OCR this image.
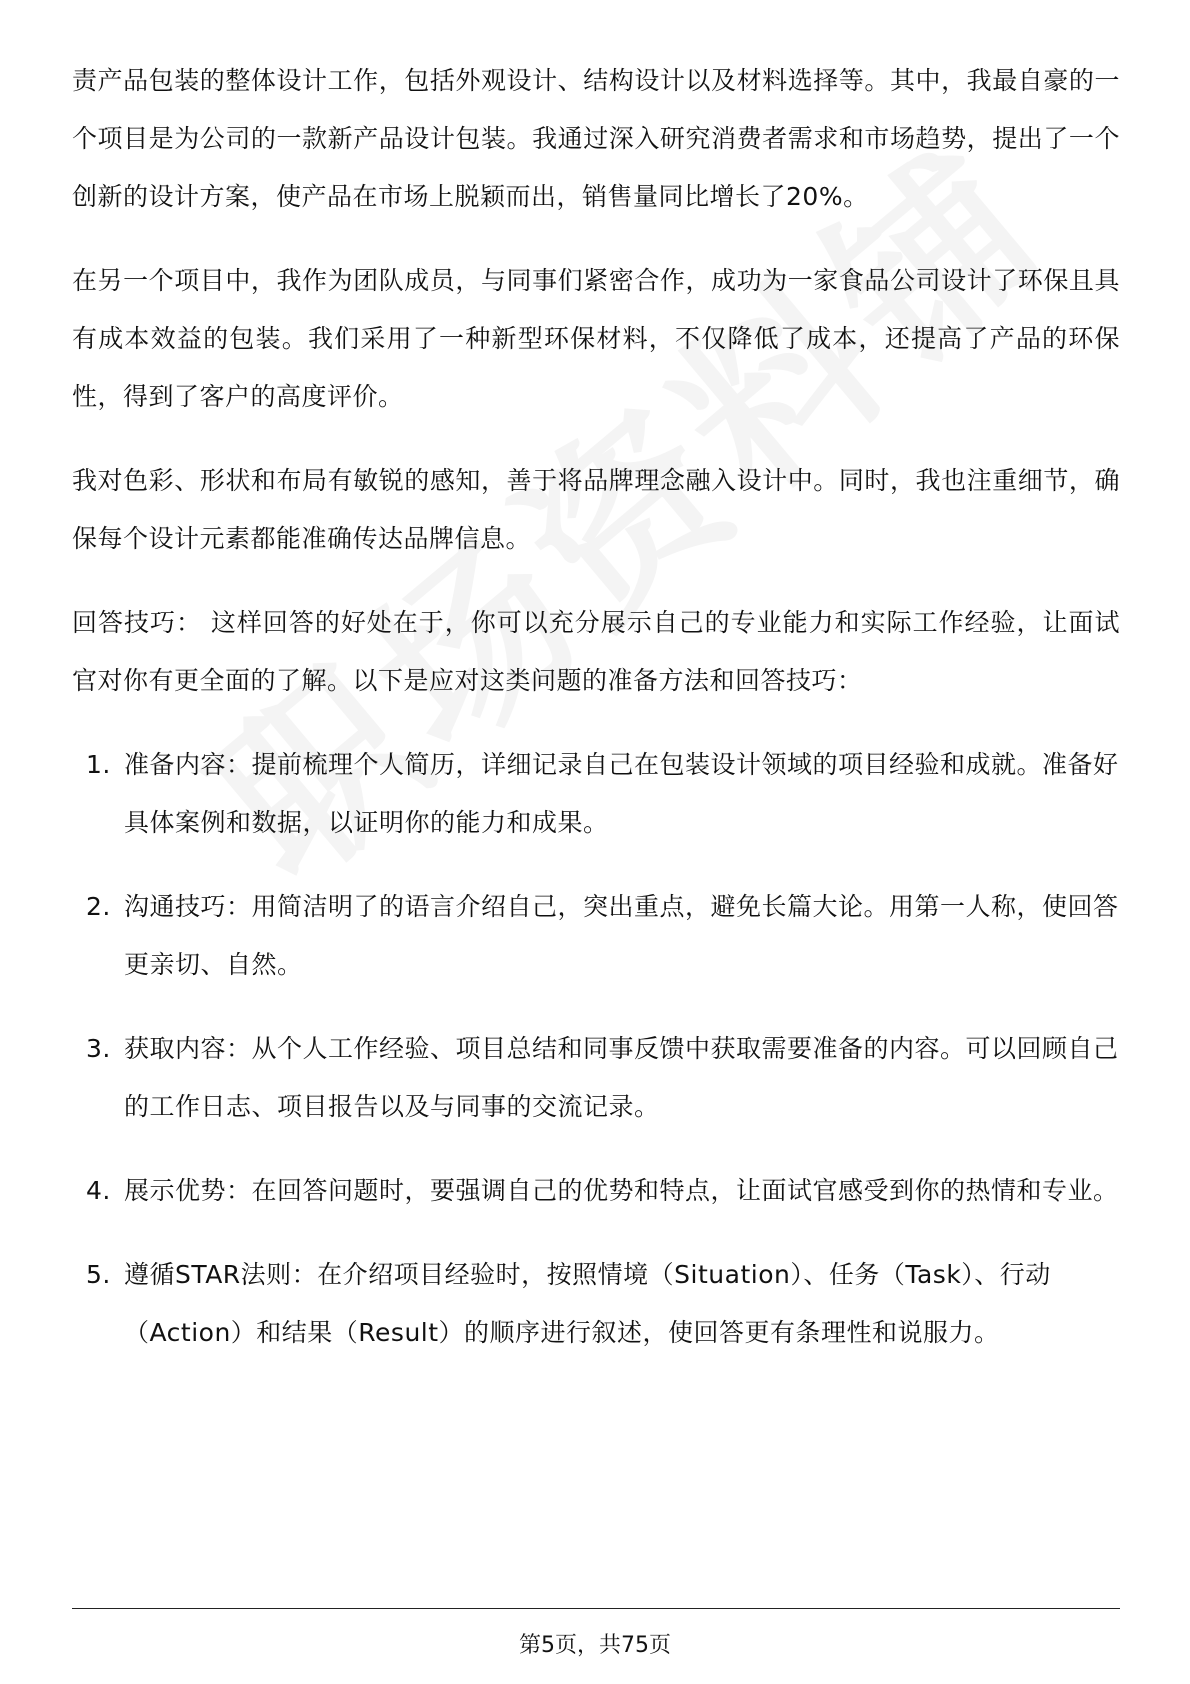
责产品包装的整体设计工作，包括外观设计、结构设计以及材料选择等。其中，我最自豪的一个项目是为公司的一款新产品设计包装。我通过深入研究消费者需求和市场趋势，提出了一个创新的设计方案，使产品在市场上脱颖而出，销售量同比增长了20%。

在另一个项目中，我作为团队成员，与同事们紧密合作，成功为一家食品公司设计了环保且具有成本效益的包装。我们采用了一种新型环保材料，不仅降低了成本，还提高了产品的环保性，得到了客户的高度评价。

我对色彩、形状和布局有敏锐的感知，善于将品牌理念融入设计中。同时，我也注重细节，确保每个设计元素都能准确传达品牌信息。

回答技巧： 这样回答的好处在于，你可以充分展示自己的专业能力和实际工作经验，让面试官对你有更全面的了解。以下是应对这类问题的准备方法和回答技巧：

1. 准备内容：提前梳理个人简历，详细记录自己在包装设计领域的项目经验和成就。准备好具体案例和数据，以证明你的能力和成果。
2. 沟通技巧：用简洁明了的语言介绍自己，突出重点，避免长篇大论。用第一人称，使回答更亲切、自然。
3. 获取内容：从个人工作经验、项目总结和同事反馈中获取需要准备的内容。可以回顾自己的工作日志、项目报告以及与同事的交流记录。
4. 展示优势：在回答问题时，要强调自己的优势和特点，让面试官感受到你的热情和专业。
5. 遵循STAR法则：在介绍项目经验时，按照情境（Situation）、任务（Task）、行动（Action）和结果（Result）的顺序进行叙述，使回答更有条理性和说服力。
第5页，共75页
